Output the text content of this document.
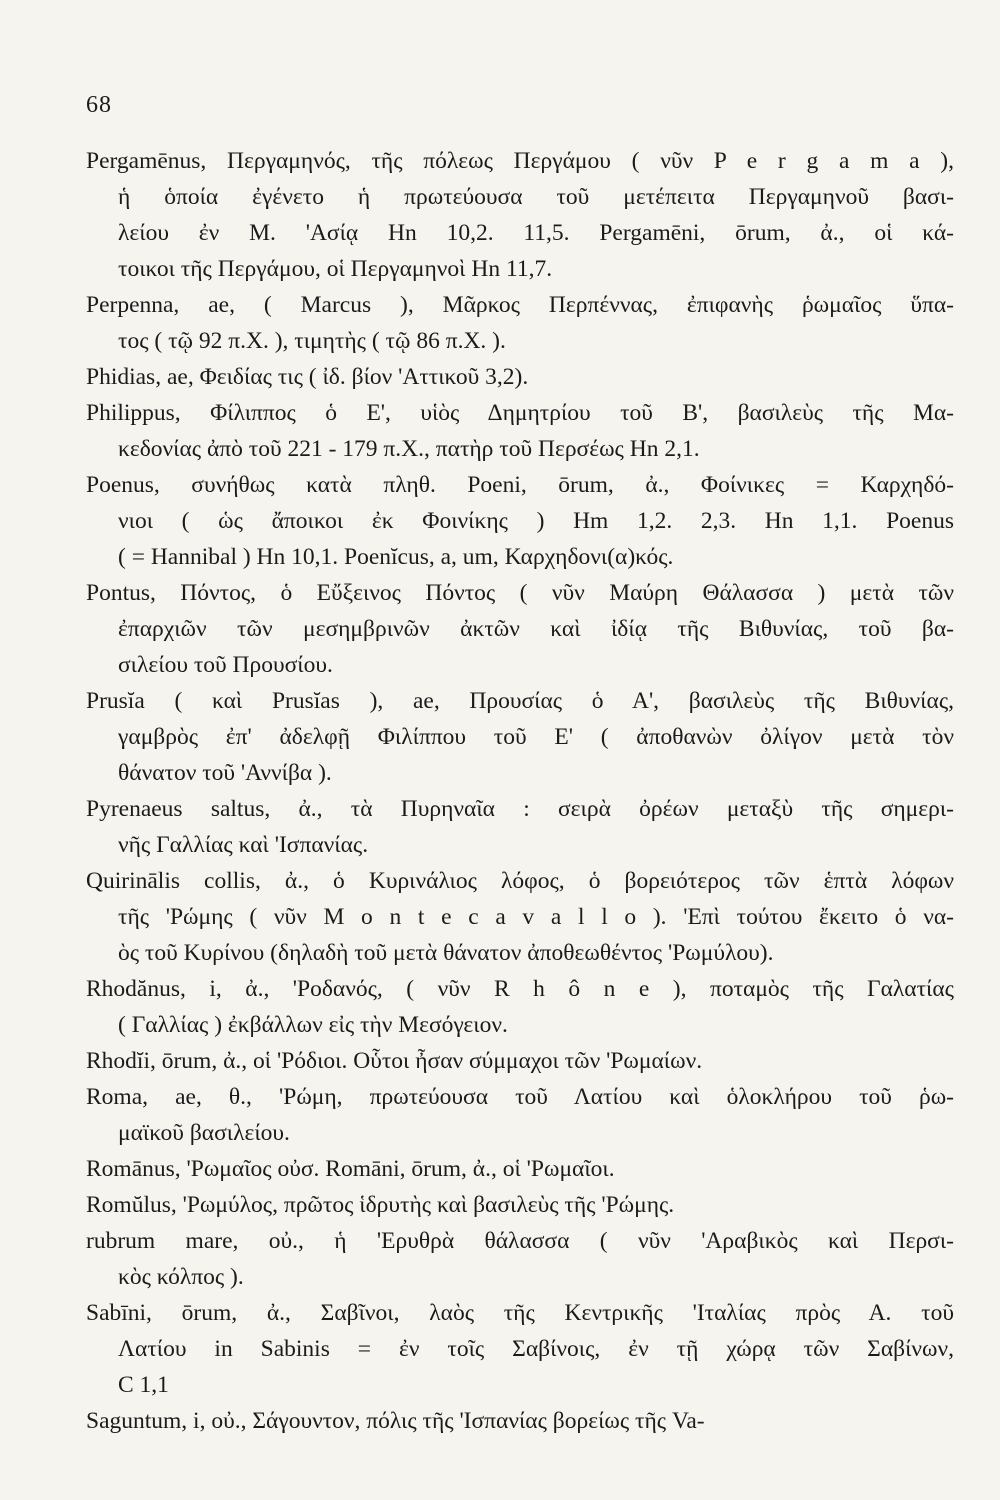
68
Pergamēnus, Περγαμηνός, τῆς πόλεως Περγάμου ( νῦν P e r g a m a ),
ἡ ὁποία ἐγένετο ἡ πρωτεύουσα τοῦ μετέπειτα Περγαμηνοῦ βασι-
λείου ἐν Μ. 'Ασίᾳ Hn 10,2. 11,5. Pergamēni, ōrum, ἀ., οἱ κά-
τοικοι τῆς Περγάμου, οἱ Περγαμηνοὶ Hn 11,7.
Perpenna, ae, ( Marcus ), Μᾶρκος Περπέννας, ἐπιφανὴς ῥωμαῖος ὕπα-
τος ( τῷ 92 π.Χ. ), τιμητὴς ( τῷ 86 π.Χ. ).
Phidias, ae, Φειδίας τις ( ἰδ. βίον 'Αττικοῦ 3,2).
Philippus, Φίλιππος ὁ Ε', υἱὸς Δημητρίου τοῦ Β', βασιλεὺς τῆς Μα-
κεδονίας ἀπὸ τοῦ 221 - 179 π.Χ., πατὴρ τοῦ Περσέως Hn 2,1.
Poenus, συνήθως κατὰ πληθ. Poeni, ōrum, ἀ., Φοίνικες = Καρχηδό-
νιοι ( ὡς ἄποικοι ἐκ Φοινίκης ) Hm 1,2. 2,3. Hn 1,1. Poenus
( = Hannibal ) Hn 10,1. Poenĭcus, a, um, Καρχηδονι(α)κός.
Pontus, Πόντος, ὁ Εὔξεινος Πόντος ( νῦν Μαύρη Θάλασσα ) μετὰ τῶν
ἐπαρχιῶν τῶν μεσημβρινῶν ἀκτῶν καὶ ἰδίᾳ τῆς Βιθυνίας, τοῦ βα-
σιλείου τοῦ Προυσίου.
Prusĭa ( καὶ Prusĭas ), ae, Προυσίας ὁ Α', βασιλεὺς τῆς Βιθυνίας,
γαμβρὸς ἐπ' ἀδελφῇ Φιλίππου τοῦ Ε' ( ἀποθανὼν ὀλίγον μετὰ τὸν
θάνατον τοῦ 'Αννίβα ).
Pyrenaeus saltus, ἀ., τὰ Πυρηναῖα : σειρὰ ὀρέων μεταξὺ τῆς σημερι-
νῆς Γαλλίας καὶ 'Ισπανίας.
Quirinālis collis, ἀ., ὁ Κυρινάλιος λόφος, ὁ βορειότερος τῶν ἑπτὰ λόφων
τῆς 'Ρώμης ( νῦν M o n t e c a v a l l o ). 'Επὶ τούτου ἔκειτο ὁ να-
ὸς τοῦ Κυρίνου (δηλαδὴ τοῦ μετὰ θάνατον ἀποθεωθέντος 'Ρωμύλου).
Rhodănus, i, ἀ., 'Ροδανός, ( νῦν R h ô n e ), ποταμὸς τῆς Γαλατίας
( Γαλλίας ) ἐκβάλλων εἰς τὴν Μεσόγειον.
Rhodĭi, ōrum, ἀ., οἱ 'Ρόδιοι. Οὗτοι ἦσαν σύμμαχοι τῶν 'Ρωμαίων.
Roma, ae, θ., 'Ρώμη, πρωτεύουσα τοῦ Λατίου καὶ ὁλοκλήρου τοῦ ῥω-
μαϊκοῦ βασιλείου.
Romānus, 'Ρωμαῖος οὐσ. Romāni, ōrum, ἀ., οἱ 'Ρωμαῖοι.
Romŭlus, 'Ρωμύλος, πρῶτος ἱδρυτὴς καὶ βασιλεὺς τῆς 'Ρώμης.
rubrum mare, οὐ., ἡ 'Ερυθρὰ θάλασσα ( νῦν 'Αραβικὸς καὶ Περσι-
κὸς κόλπος ).
Sabīni, ōrum, ἀ., Σαβῖνοι, λαὸς τῆς Κεντρικῆς 'Ιταλίας πρὸς Α. τοῦ
Λατίου in Sabinis = ἐν τοῖς Σαβίνοις, ἐν τῇ χώρᾳ τῶν Σαβίνων,
C 1,1
Saguntum, i, οὐ., Σάγουντον, πόλις τῆς 'Ισπανίας βορείως τῆς Va-
